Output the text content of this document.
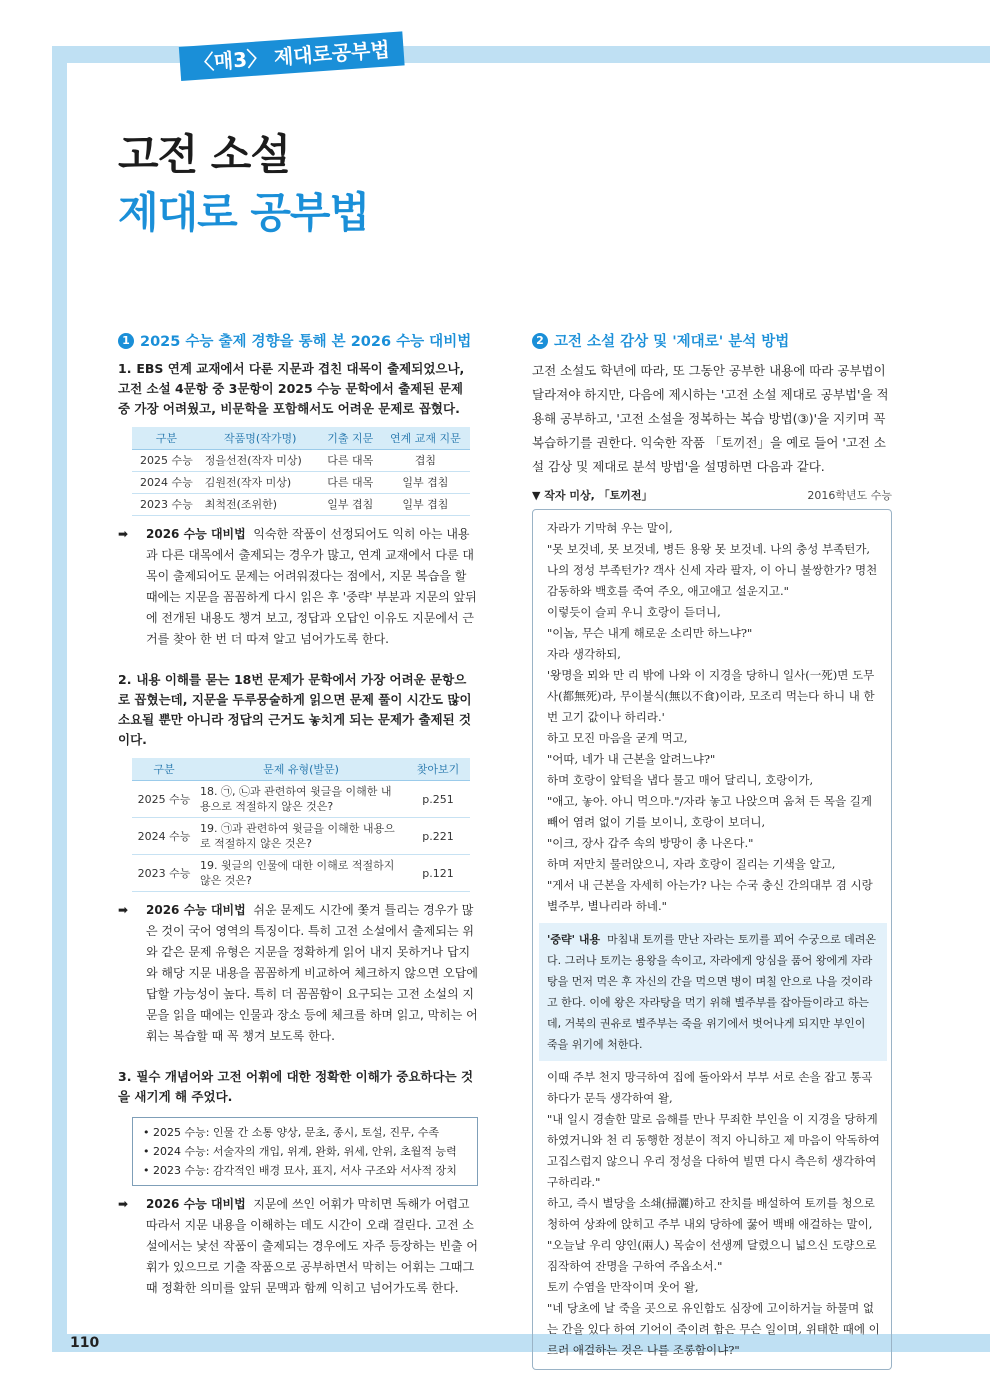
110
〈매3〉 제대로공부법
고전 소설
제대로 공부법
1 2025 수능 출제 경향을 통해 본 2026 수능 대비법

1. EBS 연계 교재에서 다룬 지문과 겹친 대목이 출제되었으나, 고전 소설 4문항 중 3문항이 2025 수능 문학에서 출제된 문제 중 가장 어려웠고, 비문학을 포함해서도 어려운 문제로 꼽혔다.

구분	작품명(작가명)	기출 지문	연계 교재 지문
2025 수능	정을선전(작자 미상)	다른 대목	겹침
2024 수능	김원전(작자 미상)	다른 대목	일부 겹침
2023 수능	최척전(조위한)	일부 겹침	일부 겹침
➡	2026 수능 대비법 익숙한 작품이 선정되어도 익히 아는 내용과 다른 대목에서 출제되는 경우가 많고, 연계 교재에서 다룬 대목이 출제되어도 문제는 어려워졌다는 점에서, 지문 복습을 할 때에는 지문을 꼼꼼하게 다시 읽은 후 '중략' 부분과 지문의 앞뒤에 전개된 내용도 챙겨 보고, 정답과 오답인 이유도 지문에서 근거를 찾아 한 번 더 따져 알고 넘어가도록 한다.

2. 내용 이해를 묻는 18번 문제가 문학에서 가장 어려운 문항으로 꼽혔는데, 지문을 두루뭉술하게 읽으면 문제 풀이 시간도 많이 소요될 뿐만 아니라 정답의 근거도 놓치게 되는 문제가 출제된 것이다.

구분	문제 유형(발문)	찾아보기
2025 수능	18. ㉠, ㉡과 관련하여 윗글을 이해한 내용으로 적절하지 않은 것은?	p.251
2024 수능	19. ㉠과 관련하여 윗글을 이해한 내용으로 적절하지 않은 것은?	p.221
2023 수능	19. 윗글의 인물에 대한 이해로 적절하지 않은 것은?	p.121
➡	2026 수능 대비법 쉬운 문제도 시간에 쫓겨 틀리는 경우가 많은 것이 국어 영역의 특징이다. 특히 고전 소설에서 출제되는 위와 같은 문제 유형은 지문을 정확하게 읽어 내지 못하거나 답지와 해당 지문 내용을 꼼꼼하게 비교하여 체크하지 않으면 오답에 답할 가능성이 높다. 특히 더 꼼꼼함이 요구되는 고전 소설의 지문을 읽을 때에는 인물과 장소 등에 체크를 하며 읽고, 막히는 어휘는 복습할 때 꼭 챙겨 보도록 한다.

3. 필수 개념어와 고전 어휘에 대한 정확한 이해가 중요하다는 것을 새기게 해 주었다.

• 2025 수능: 인물 간 소통 양상, 문초, 종시, 토설, 진무, 수족
• 2024 수능: 서술자의 개입, 위계, 완화, 위세, 안위, 초월적 능력
• 2023 수능: 감각적인 배경 묘사, 표지, 서사 구조와 서사적 장치
➡	2026 수능 대비법 지문에 쓰인 어휘가 막히면 독해가 어렵고 따라서 지문 내용을 이해하는 데도 시간이 오래 걸린다. 고전 소설에서는 낯선 작품이 출제되는 경우에도 자주 등장하는 빈출 어휘가 있으므로 기출 작품으로 공부하면서 막히는 어휘는 그때그때 정확한 의미를 앞뒤 문맥과 함께 익히고 넘어가도록 한다.
2 고전 소설 감상 및 '제대로' 분석 방법

고전 소설도 학년에 따라, 또 그동안 공부한 내용에 따라 공부법이 달라져야 하지만, 다음에 제시하는 '고전 소설 제대로 공부법'을 적용해 공부하고, '고전 소설을 정복하는 복습 방법(③)'을 지키며 꼭 복습하기를 권한다. 익숙한 작품 「토끼전」을 예로 들어 '고전 소설 감상 및 제대로 분석 방법'을 설명하면 다음과 같다.

▼ 작자 미상, 「토끼전」	2016학년도 수능

자라가 기막혀 우는 말이,

"못 보것네, 못 보것네, 병든 용왕 못 보것네. 나의 충성 부족턴가, 나의 정성 부족턴가? 객사 신세 자라 팔자, 이 아니 불쌍한가? 명천 감동하와 백호를 죽여 주오, 애고애고 설운지고."

이렇듯이 슬피 우니 호랑이 듣더니,

"이놈, 무슨 내게 해로운 소리만 하느냐?"

자라 생각하되,

'왕명을 뫼와 만 리 밖에 나와 이 지경을 당하니 일사(一死)면 도무사(都無死)라, 무이불식(無以不食)이라, 모조리 먹는다 하니 내 한번 고기 값이나 하리라.'

하고 모진 마음을 굳게 먹고,

"어따, 네가 내 근본을 알려느냐?"

하며 호랑이 앞턱을 냅다 물고 매어 달리니, 호랑이가,

"애고, 놓아. 아니 먹으마."/자라 놓고 나앉으며 움쳐 든 목을 길게 빼어 염려 없이 기를 보이니, 호랑이 보더니,

"이크, 장사 갑주 속의 방망이 총 나온다."

하며 저만치 물러앉으니, 자라 호랑이 질리는 기색을 알고,

"게서 내 근본을 자세히 아는가? 나는 수국 충신 간의대부 겸 시랑 별주부, 별나리라 하네."

'중략' 내용 마침내 토끼를 만난 자라는 토끼를 꾀어 수궁으로 데려온다. 그러나 토끼는 용왕을 속이고, 자라에게 앙심을 품어 왕에게 자라탕을 먼저 먹은 후 자신의 간을 먹으면 병이 며칠 안으로 나을 것이라고 한다. 이에 왕은 자라탕을 먹기 위해 별주부를 잡아들이라고 하는데, 거북의 권유로 별주부는 죽을 위기에서 벗어나게 되지만 부인이 죽을 위기에 처한다.

이때 주부 천지 망극하여 집에 돌아와서 부부 서로 손을 잡고 통곡하다가 문득 생각하여 왈,

"내 일시 경솔한 말로 음해를 만나 무죄한 부인을 이 지경을 당하게 하였거니와 천 리 동행한 정분이 적지 아니하고 제 마음이 악독하여 고집스럽지 않으니 우리 정성을 다하여 빌면 다시 측은히 생각하여 구하리라."

하고, 즉시 별당을 소쇄(掃灑)하고 잔치를 배설하여 토끼를 청으로 청하여 상좌에 앉히고 주부 내외 당하에 꿇어 백배 애걸하는 말이,

"오늘날 우리 양인(兩人) 목숨이 선생께 달렸으니 넓으신 도량으로 짐작하여 잔명을 구하여 주옵소서."

토끼 수염을 만작이며 웃어 왈,

"네 당초에 날 죽을 곳으로 유인함도 심장에 고이하거늘 하물며 없는 간을 있다 하여 기어이 죽이려 함은 무슨 일이며, 위태한 때에 이르러 애걸하는 것은 나를 조롱함이냐?"
